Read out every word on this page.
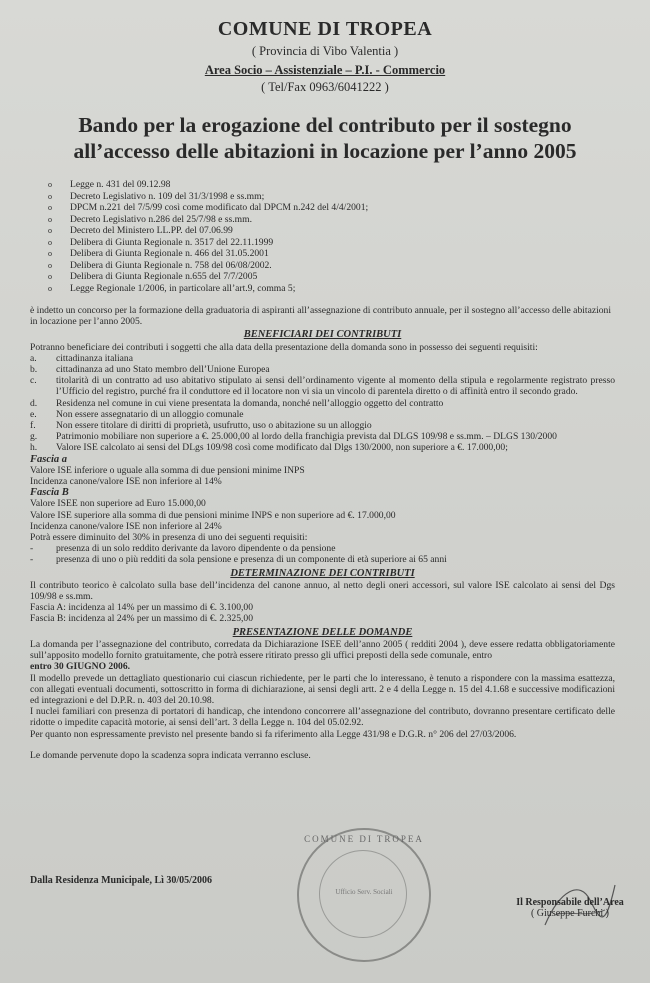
COMUNE DI TROPEA
( Provincia di Vibo Valentia )
Area Socio – Assistenziale – P.I. - Commercio
( Tel/Fax 0963/6041222 )
Bando per la erogazione del contributo per il sostegno
all’accesso delle abitazioni in locazione per l’anno 2005
o	Legge n. 431 del 09.12.98
o	Decreto Legislativo n. 109 del 31/3/1998 e ss.mm;
o	DPCM n.221 del 7/5/99 così come modificato dal DPCM n.242 del 4/4/2001;
o	Decreto Legislativo n.286 del 25/7/98 e ss.mm.
o	Decreto del Ministero LL.PP. del 07.06.99
o	Delibera di Giunta Regionale n. 3517 del 22.11.1999
o	Delibera di Giunta Regionale n. 466 del 31.05.2001
o	Delibera di Giunta Regionale n. 758 del 06/08/2002.
o	Delibera di Giunta Regionale n.655 del 7/7/2005
o	Legge Regionale 1/2006, in particolare all’art.9, comma 5;

è indetto un concorso per la formazione della graduatoria di aspiranti all’assegnazione di contributo annuale, per il sostegno all’accesso delle abitazioni in locazione per l’anno 2005.

BENEFICIARI DEI CONTRIBUTI

Potranno beneficiare dei contributi i soggetti che alla data della presentazione della domanda sono in possesso dei seguenti requisiti:

a.	cittadinanza italiana
b.	cittadinanza ad uno Stato membro dell’Unione Europea
c.	titolarità di un contratto ad uso abitativo stipulato ai sensi dell’ordinamento vigente al momento della stipula e regolarmente registrato presso l’Ufficio del registro, purché fra il conduttore ed il locatore non vi sia un vincolo di parentela diretto o di affinità entro il secondo grado.
d.	Residenza nel comune in cui viene presentata la domanda, nonché nell’alloggio oggetto del contratto
e.	Non essere assegnatario di un alloggio comunale
f.	Non essere titolare di diritti di proprietà, usufrutto, uso o abitazione su un alloggio
g.	Patrimonio mobiliare non superiore a €. 25.000,00 al lordo della franchigia prevista dal DLGS 109/98 e ss.mm. – DLGS 130/2000
h.	Valore ISE calcolato ai sensi del DLgs 109/98 così come modificato dal Dlgs 130/2000, non superiore a €. 17.000,00;
Fascia a

Valore ISE inferiore o uguale alla somma di due pensioni minime INPS

Incidenza canone/valore ISE non inferiore al 14%

Fascia B

Valore ISEE non superiore ad Euro 15.000,00

Valore ISE superiore alla somma di due pensioni minime INPS e non superiore ad €. 17.000,00

Incidenza canone/valore ISE non inferiore al 24%

Potrà essere diminuito del 30% in presenza di uno dei seguenti requisiti:

-	presenza di un solo reddito derivante da lavoro dipendente o da pensione
-	presenza di uno o più redditi da sola pensione e presenza di un componente di età superiore ai 65 anni
DETERMINAZIONE DEI CONTRIBUTI

Il contributo teorico è calcolato sulla base dell’incidenza del canone annuo, al netto degli oneri accessori, sul valore ISE calcolato ai sensi del Dgs 109/98 e ss.mm.

Fascia A: incidenza al 14% per un massimo di €. 3.100,00

Fascia B: incidenza al 24% per un massimo di €. 2.325,00

PRESENTAZIONE DELLE DOMANDE

La domanda per l’assegnazione del contributo, corredata da Dichiarazione ISEE dell’anno 2005 ( redditi 2004 ), deve essere redatta obbligatoriamente sull’apposito modello fornito gratuitamente, che potrà essere ritirato presso gli uffici preposti della sede comunale, entro

entro 30 GIUGNO 2006.

Il modello prevede un dettagliato questionario cui ciascun richiedente, per le parti che lo interessano, è tenuto a rispondere con la massima esattezza, con allegati eventuali documenti, sottoscritto in forma di dichiarazione, ai sensi degli artt. 2 e 4 della Legge n. 15 del 4.1.68 e successive modificazioni ed integrazioni e del D.P.R. n. 403 del 20.10.98.

I nuclei familiari con presenza di portatori di handicap, che intendono concorrere all’assegnazione del contributo, dovranno presentare certificato delle ridotte o impedite capacità motorie, ai sensi dell’art. 3 della Legge n. 104 del 05.02.92.

Per quanto non espressamente previsto nel presente bando si fa riferimento alla Legge 431/98 e D.G.R. n° 206 del 27/03/2006.

Le domande pervenute dopo la scadenza sopra indicata verranno escluse.

Dalla Residenza Municipale, Lì 30/05/2006
COMUNE DI TROPEA
Ufficio Serv. Sociali
Il Responsabile dell’Area
( Giuseppe Furchi )
